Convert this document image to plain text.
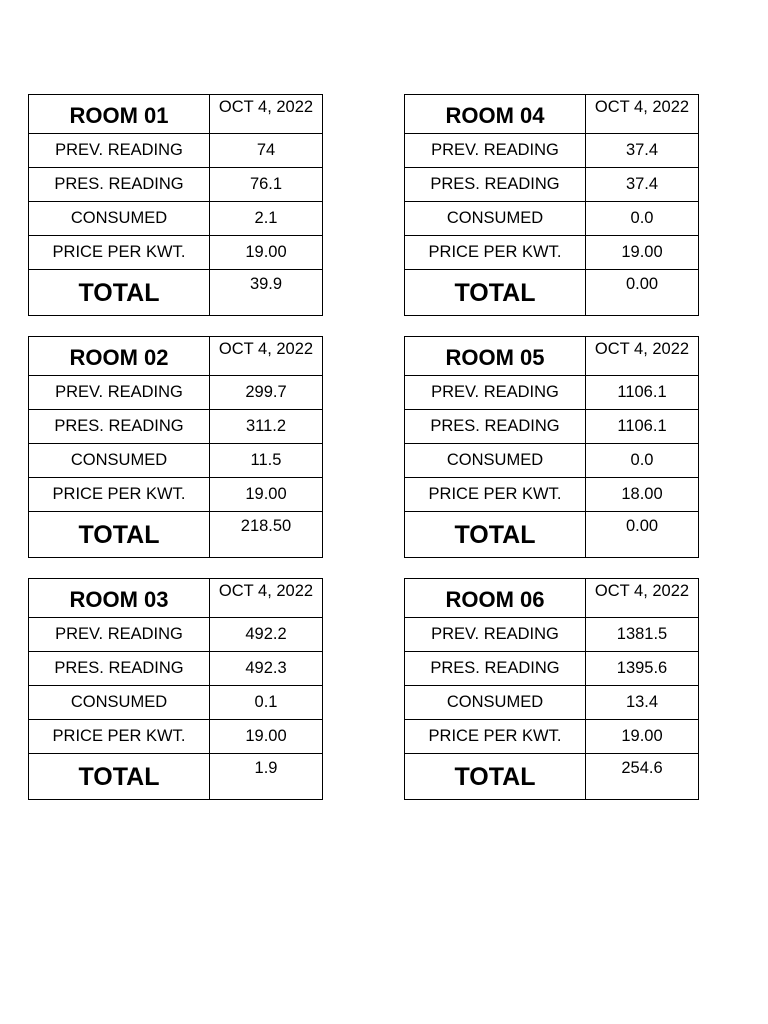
ROOM 01	OCT 4, 2022
PREV. READING	74
PRES. READING	76.1
CONSUMED	2.1
PRICE PER KWT.	19.00
TOTAL	39.9
ROOM 04	OCT 4, 2022
PREV. READING	37.4
PRES. READING	37.4
CONSUMED	0.0
PRICE PER KWT.	19.00
TOTAL	0.00
ROOM 02	OCT 4, 2022
PREV. READING	299.7
PRES. READING	311.2
CONSUMED	11.5
PRICE PER KWT.	19.00
TOTAL	218.50
ROOM 05	OCT 4, 2022
PREV. READING	1106.1
PRES. READING	1106.1
CONSUMED	0.0
PRICE PER KWT.	18.00
TOTAL	0.00
ROOM 03	OCT 4, 2022
PREV. READING	492.2
PRES. READING	492.3
CONSUMED	0.1
PRICE PER KWT.	19.00
TOTAL	1.9
ROOM 06	OCT 4, 2022
PREV. READING	1381.5
PRES. READING	1395.6
CONSUMED	13.4
PRICE PER KWT.	19.00
TOTAL	254.6
